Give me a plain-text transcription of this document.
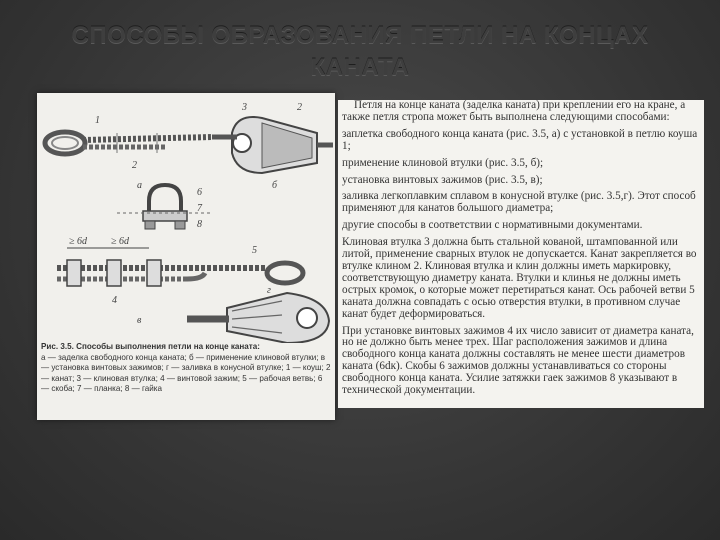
СПОСОБЫ ОБРАЗОВАНИЯ ПЕТЛИ НА КОНЦАХ КАНАТА
1
3	2
2
а	б
6
7
8
≥ 6d ≥ 6d
5
4
в
г
Рис. 3.5. Способы выполнения петли на конце каната:
а — заделка свободного конца каната; б — применение клиновой втулки; в — установка винтовых зажимов; г — заливка в конусной втулке; 1 — коуш; 2 — канат; 3 — клиновая втулка; 4 — винтовой зажим; 5 — рабочая ветвь; 6 — скоба; 7 — планка; 8 — гайка

Петля на конце каната (заделка каната) при креплении его на кране, а также петля стропа может быть выполнена следующими способами:

заплетка свободного конца каната (рис. 3.5, а) с установкой в петлю коуша 1;

применение клиновой втулки (рис. 3.5, б);

установка винтовых зажимов (рис. 3.5, в);

заливка легкоплавким сплавом в конусной втулке (рис. 3.5,г). Этот способ применяют для канатов большого диаметра;

другие способы в соответствии с нормативными документами.

Клиновая втулка 3 должна быть стальной кованой, штампованной или литой, применение сварных втулок не допускается. Канат закрепляется во втулке клином 2. Клиновая втулка и клин должны иметь маркировку, соответствующую диаметру каната. Втулки и клинья не должны иметь острых кромок, о которые может перетираться канат. Ось рабочей ветви 5 каната должна совпадать с осью отверстия втулки, в противном случае канат будет деформироваться.

При установке винтовых зажимов 4 их число зависит от диаметра каната, но не должно быть менее трех. Шаг расположения зажимов и длина свободного конца каната должны составлять не менее шести диаметров каната (6dк). Скобы 6 зажимов должны устанавливаться со стороны свободного конца каната. Усилие затяжки гаек зажимов 8 указывают в технической документации.
